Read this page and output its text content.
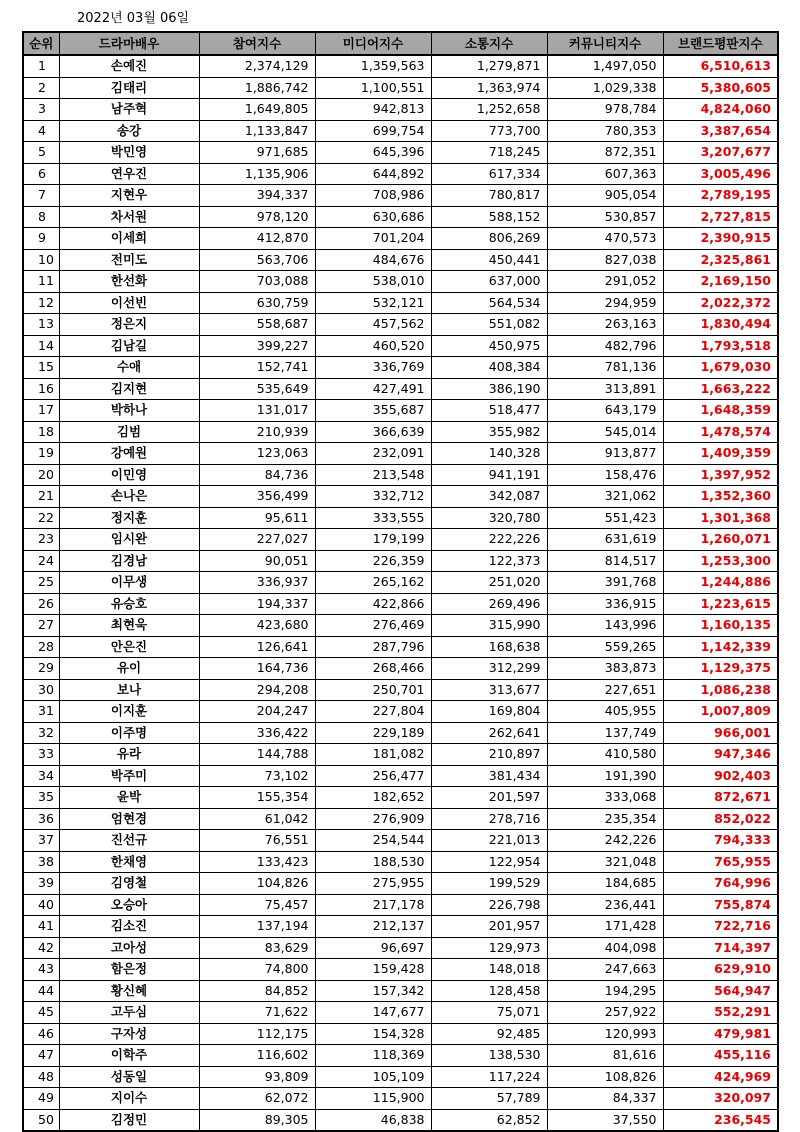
2022년 03월 06일
순위	드라마배우	참여지수	미디어지수	소통지수	커뮤니티지수	브랜드평판지수
1	손예진	2,374,129	1,359,563	1,279,871	1,497,050	6,510,613
2	김태리	1,886,742	1,100,551	1,363,974	1,029,338	5,380,605
3	남주혁	1,649,805	942,813	1,252,658	978,784	4,824,060
4	송강	1,133,847	699,754	773,700	780,353	3,387,654
5	박민영	971,685	645,396	718,245	872,351	3,207,677
6	연우진	1,135,906	644,892	617,334	607,363	3,005,496
7	지현우	394,337	708,986	780,817	905,054	2,789,195
8	차서원	978,120	630,686	588,152	530,857	2,727,815
9	이세희	412,870	701,204	806,269	470,573	2,390,915
10	전미도	563,706	484,676	450,441	827,038	2,325,861
11	한선화	703,088	538,010	637,000	291,052	2,169,150
12	이선빈	630,759	532,121	564,534	294,959	2,022,372
13	정은지	558,687	457,562	551,082	263,163	1,830,494
14	김남길	399,227	460,520	450,975	482,796	1,793,518
15	수애	152,741	336,769	408,384	781,136	1,679,030
16	김지현	535,649	427,491	386,190	313,891	1,663,222
17	박하나	131,017	355,687	518,477	643,179	1,648,359
18	김범	210,939	366,639	355,982	545,014	1,478,574
19	강예원	123,063	232,091	140,328	913,877	1,409,359
20	이민영	84,736	213,548	941,191	158,476	1,397,952
21	손나은	356,499	332,712	342,087	321,062	1,352,360
22	정지훈	95,611	333,555	320,780	551,423	1,301,368
23	임시완	227,027	179,199	222,226	631,619	1,260,071
24	김경남	90,051	226,359	122,373	814,517	1,253,300
25	이무생	336,937	265,162	251,020	391,768	1,244,886
26	유승호	194,337	422,866	269,496	336,915	1,223,615
27	최현욱	423,680	276,469	315,990	143,996	1,160,135
28	안은진	126,641	287,796	168,638	559,265	1,142,339
29	유이	164,736	268,466	312,299	383,873	1,129,375
30	보나	294,208	250,701	313,677	227,651	1,086,238
31	이지훈	204,247	227,804	169,804	405,955	1,007,809
32	이주명	336,422	229,189	262,641	137,749	966,001
33	유라	144,788	181,082	210,897	410,580	947,346
34	박주미	73,102	256,477	381,434	191,390	902,403
35	윤박	155,354	182,652	201,597	333,068	872,671
36	엄현경	61,042	276,909	278,716	235,354	852,022
37	진선규	76,551	254,544	221,013	242,226	794,333
38	한채영	133,423	188,530	122,954	321,048	765,955
39	김영철	104,826	275,955	199,529	184,685	764,996
40	오승아	75,457	217,178	226,798	236,441	755,874
41	김소진	137,194	212,137	201,957	171,428	722,716
42	고아성	83,629	96,697	129,973	404,098	714,397
43	함은정	74,800	159,428	148,018	247,663	629,910
44	황신혜	84,852	157,342	128,458	194,295	564,947
45	고두심	71,622	147,677	75,071	257,922	552,291
46	구자성	112,175	154,328	92,485	120,993	479,981
47	이학주	116,602	118,369	138,530	81,616	455,116
48	성동일	93,809	105,109	117,224	108,826	424,969
49	지이수	62,072	115,900	57,789	84,337	320,097
50	김정민	89,305	46,838	62,852	37,550	236,545
